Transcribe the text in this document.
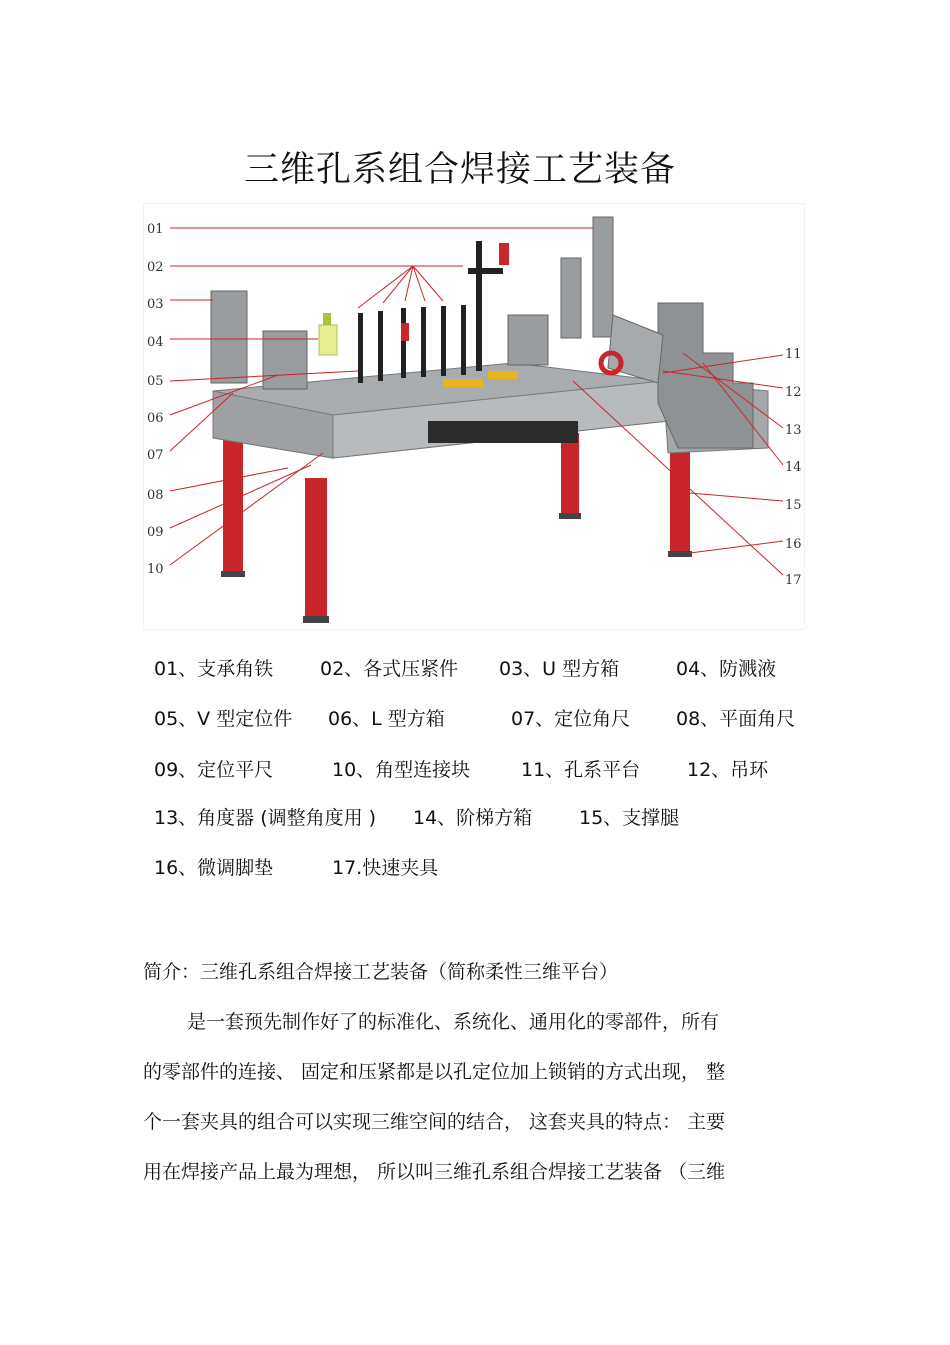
三维孔系组合焊接工艺装备
01
02
03
04
05
06
07
08
09
10
11
12
13
14
15
16
17
01、支承角铁 02、各式压紧件 03、U 型方箱	04、防溅液
05、V 型定位件 06、L 型方箱	07、定位角尺 08、平面角尺
09、定位平尺	10、角型连接块	11、孔系平台 12、吊环
13、角度器 (调整角度用 ) 14、阶梯方箱 15、支撑腿
16、微调脚垫	17.快速夹具
简介：三维孔系组合焊接工艺装备（简称柔性三维平台）
是一套预先制作好了的标准化、系统化、通用化的零部件，所有
的零部件的连接、 固定和压紧都是以孔定位加上锁销的方式出现， 整
个一套夹具的组合可以实现三维空间的结合， 这套夹具的特点： 主要
用在焊接产品上最为理想， 所以叫三维孔系组合焊接工艺装备 （三维
